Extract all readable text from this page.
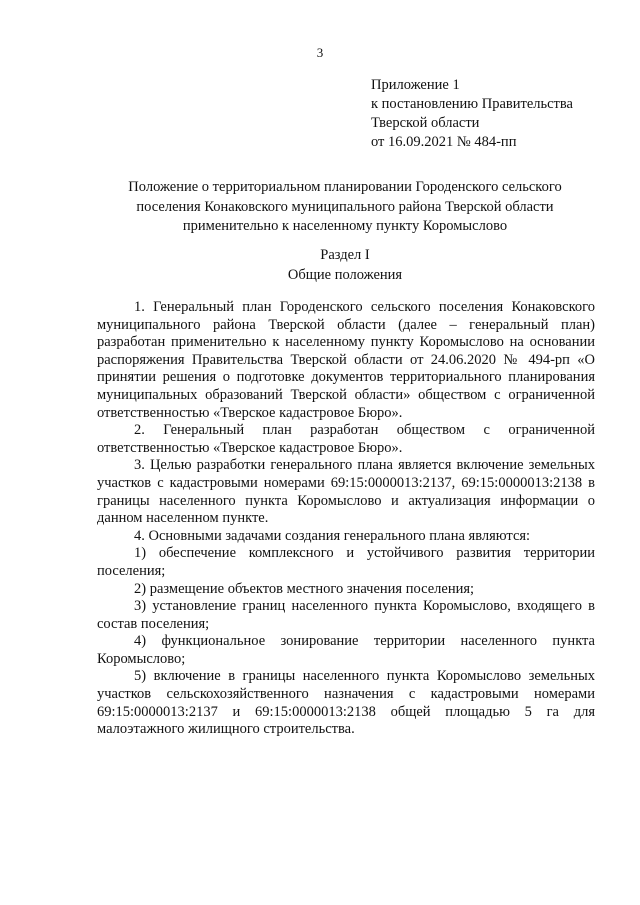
3
Приложение 1
к постановлению Правительства
Тверской области
от 16.09.2021 № 484-пп
Положение о территориальном планировании Городенского сельского
поселения Конаковского муниципального района Тверской области
применительно к населенному пункту Коромыслово
Раздел I
Общие положения

1. Генеральный план Городенского сельского поселения Конаковского муниципального района Тверской области (далее – генеральный план) разработан применительно к населенному пункту Коромыслово на основании распоряжения Правительства Тверской области от 24.06.2020 № 494-рп «О принятии решения о подготовке документов территориального планирования муниципальных образований Тверской области» обществом с ограниченной ответственностью «Тверское кадастровое Бюро».

2. Генеральный план разработан обществом с ограниченной ответственностью «Тверское кадастровое Бюро».

3. Целью разработки генерального плана является включение земельных участков с кадастровыми номерами 69:15:0000013:2137, 69:15:0000013:2138 в границы населенного пункта Коромыслово и актуализация информации о данном населенном пункте.

4. Основными задачами создания генерального плана являются:

1) обеспечение комплексного и устойчивого развития территории поселения;

2) размещение объектов местного значения поселения;

3) установление границ населенного пункта Коромыслово, входящего в состав поселения;

4) функциональное зонирование территории населенного пункта Коромыслово;

5) включение в границы населенного пункта Коромыслово земельных участков сельскохозяйственного назначения с кадастровыми номерами 69:15:0000013:2137 и 69:15:0000013:2138 общей площадью 5 га для малоэтажного жилищного строительства.
